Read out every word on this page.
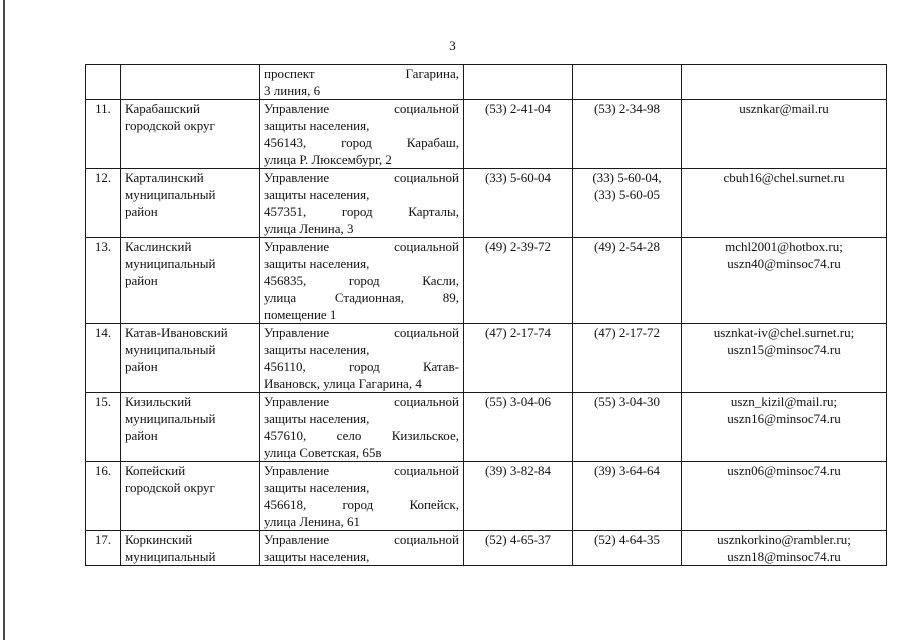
3

		проспект Гагарина,
3 линия, 6			

11.	Карабашский
городской округ	Управление социальной
защиты населения,
456143, город Карабаш,
улица Р. Люксембург, 2	(53) 2-41-04	(53) 2-34-98	usznkar@mail.ru

12.	Карталинский
муниципальный
район	Управление социальной
защиты населения,
457351, город Карталы,
улица Ленина, 3	(33) 5-60-04	(33) 5-60-04,
(33) 5-60-05	cbuh16@chel.surnet.ru

13.	Каслинский
муниципальный
район	Управление социальной
защиты населения,
456835, город Касли,
улица Стадионная, 89,
помещение 1	(49) 2-39-72	(49) 2-54-28	mchl2001@hotbox.ru;
uszn40@minsoc74.ru

14.	Катав-Ивановский
муниципальный
район	Управление социальной
защиты населения,
456110, город Катав-
Ивановск, улица Гагарина, 4	(47) 2-17-74	(47) 2-17-72	usznkat-iv@chel.surnet.ru;
uszn15@minsoc74.ru

15.	Кизильский
муниципальный
район	Управление социальной
защиты населения,
457610, село Кизильское,
улица Советская, 65в	(55) 3-04-06	(55) 3-04-30	uszn_kizil@mail.ru;
uszn16@minsoc74.ru

16.	Копейский
городской округ	Управление социальной
защиты населения,
456618, город Копейск,
улица Ленина, 61	(39) 3-82-84	(39) 3-64-64	uszn06@minsoc74.ru

17.	Коркинский
муниципальный	Управление социальной
защиты населения,	(52) 4-65-37	(52) 4-64-35	usznkorkino@rambler.ru;
uszn18@minsoc74.ru
